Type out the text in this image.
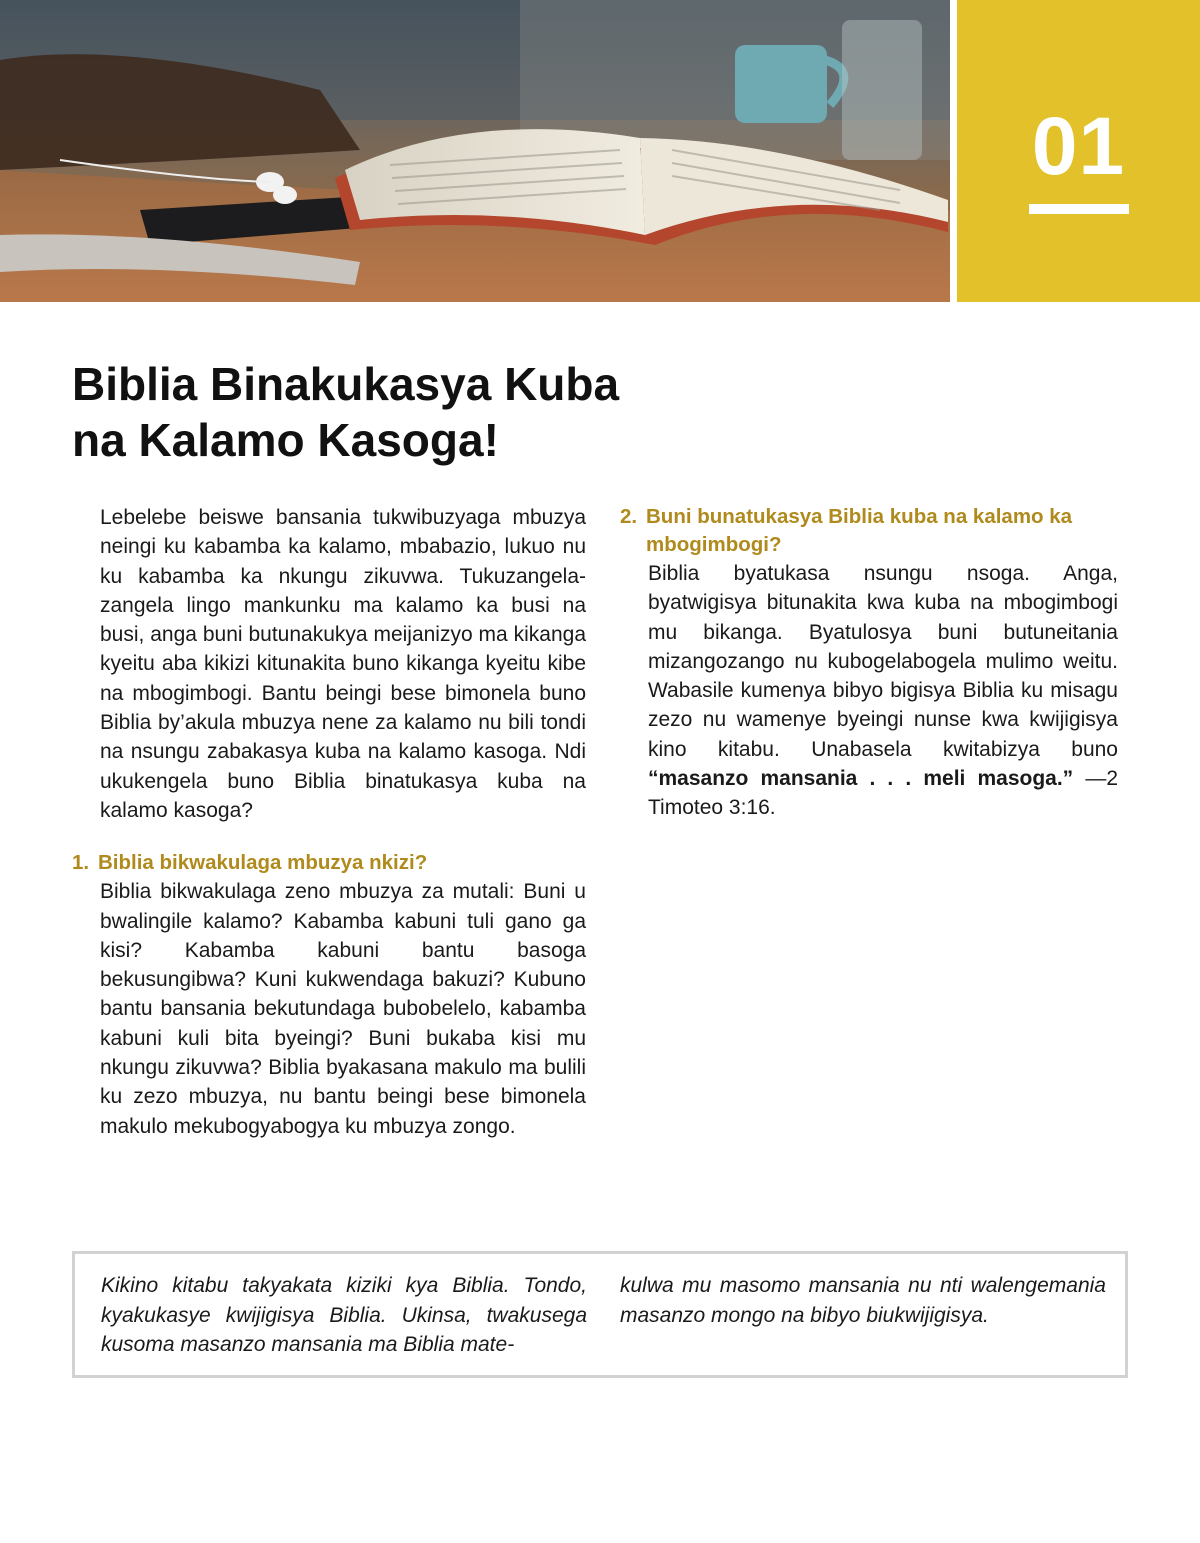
01
Biblia Binakukasya Kuba
na Kalamo Kasoga!

Lebelebe beiswe bansania tukwibuzyaga mbuzya neingi ku kabamba ka kalamo, mbabazio, lukuo nu ku kabamba ka nkungu zikuvwa. Tukuzangela-zangela lingo mankunku ma kalamo ka busi na busi, anga buni butunakukya meijanizyo ma kikanga kyeitu aba kikizi kitunakita buno kikanga kyeitu kibe na mbogimbogi. Bantu beingi bese bimonela buno Biblia by’akula mbuzya nene za kalamo nu bili tondi na nsungu zabakasya kuba na kalamo kasoga. Ndi ukukengela buno Biblia binatukasya kuba na kalamo kasoga?

1. Biblia bikwakulaga mbuzya nkizi?

Biblia bikwakulaga zeno mbuzya za mutali: Buni u bwalingile kalamo? Kabamba kabuni tuli gano ga kisi? Kabamba kabuni bantu basoga bekusungibwa? Kuni kukwendaga bakuzi? Kubuno bantu bansania bekutundaga bubobelelo, kabamba kabuni kuli bita byeingi? Buni bukaba kisi mu nkungu zikuvwa? Biblia byakasana makulo ma bulili ku zezo mbuzya, nu bantu beingi bese bimonela makulo mekubogyabogya ku mbuzya zongo.

2. Buni bunatukasya Biblia kuba na kalamo ka
mbogimbogi?

Biblia byatukasa nsungu nsoga. Anga, byatwigisya bitunakita kwa kuba na mbogimbogi mu bikanga. Byatulosya buni butuneitania mizangozango nu kubogelabogela mulimo weitu. Wabasile kumenya bibyo bigisya Biblia ku misagu zezo nu wamenye byeingi nunse kwa kwijigisya kino kitabu. Unabasela kwitabizya buno “masanzo mansania . . . meli masoga.” —2 Timoteo 3:16.

Kikino kitabu takyakata kiziki kya Biblia. Tondo, kyakukasye kwijigisya Biblia. Ukinsa, twakusega kusoma masanzo mansania ma Biblia mate-

kulwa mu masomo mansania nu nti walengemania masanzo mongo na bibyo biukwijigisya.
